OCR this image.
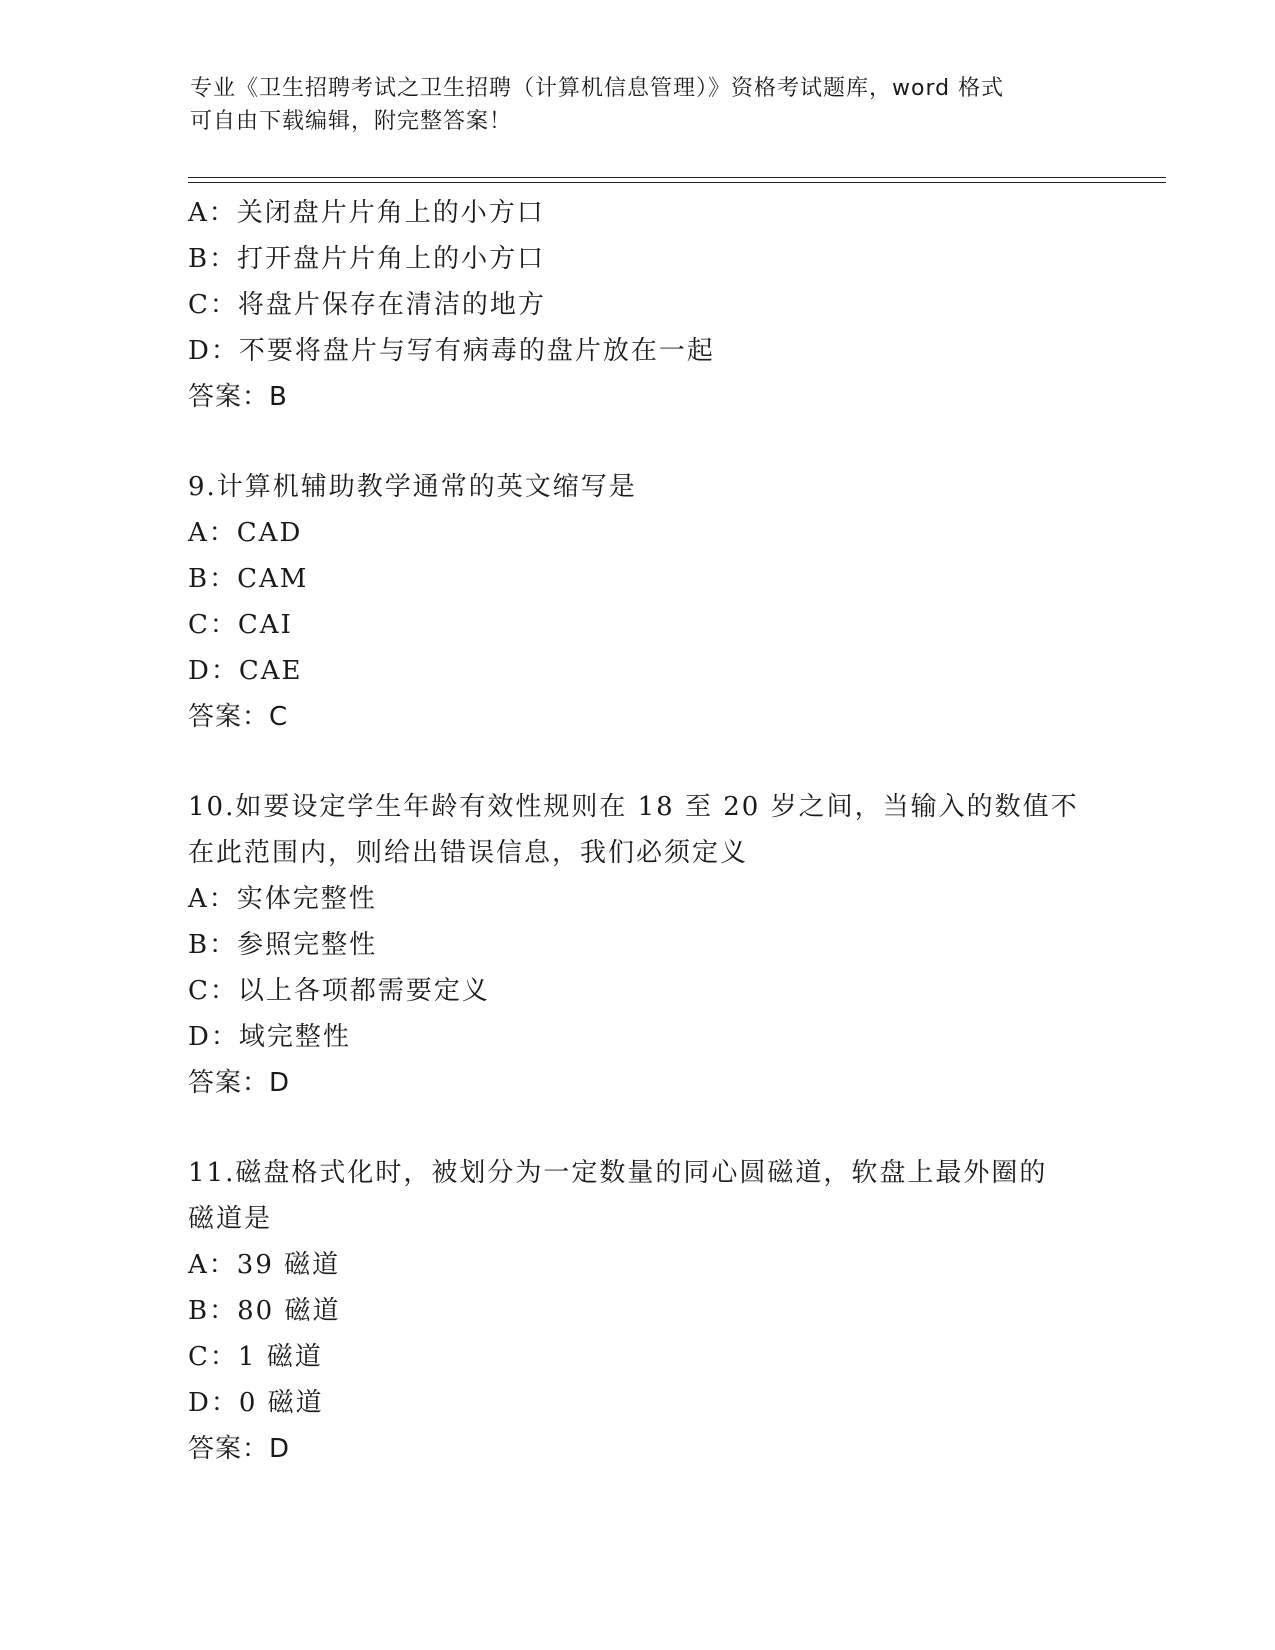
专业《卫生招聘考试之卫生招聘（计算机信息管理）》资格考试题库，word 格式
可自由下载编辑，附完整答案！
A：关闭盘片片角上的小方口
B：打开盘片片角上的小方口
C：将盘片保存在清洁的地方
D：不要将盘片与写有病毒的盘片放在一起
答案：B
9.计算机辅助教学通常的英文缩写是
A：CAD
B：CAM
C：CAI
D：CAE
答案：C
10.如要设定学生年龄有效性规则在 18 至 20 岁之间，当输入的数值不
在此范围内，则给出错误信息，我们必须定义
A：实体完整性
B：参照完整性
C：以上各项都需要定义
D：域完整性
答案：D
11.磁盘格式化时，被划分为一定数量的同心圆磁道，软盘上最外圈的
磁道是
A：39 磁道
B：80 磁道
C：1 磁道
D：0 磁道
答案：D
